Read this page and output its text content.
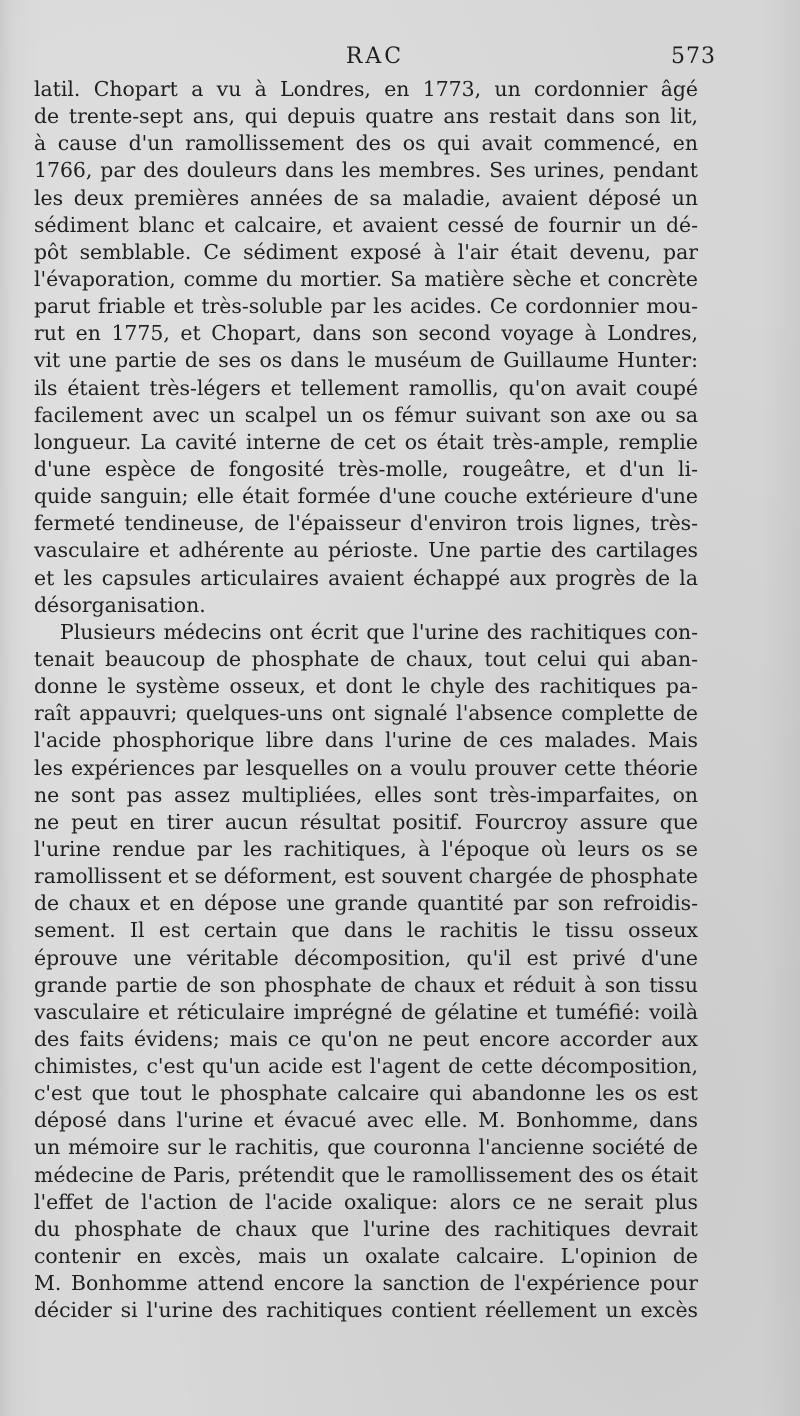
RAC	573
latil. Chopart a vu à Londres, en 1773, un cordonnier âgé
de trente-sept ans, qui depuis quatre ans restait dans son lit,
à cause d'un ramollissement des os qui avait commencé, en
1766, par des douleurs dans les membres. Ses urines, pendant
les deux premières années de sa maladie, avaient déposé un
sédiment blanc et calcaire, et avaient cessé de fournir un dé-
pôt semblable. Ce sédiment exposé à l'air était devenu, par
l'évaporation, comme du mortier. Sa matière sèche et concrète
parut friable et très-soluble par les acides. Ce cordonnier mou-
rut en 1775, et Chopart, dans son second voyage à Londres,
vit une partie de ses os dans le muséum de Guillaume Hunter:
ils étaient très-légers et tellement ramollis, qu'on avait coupé
facilement avec un scalpel un os fémur suivant son axe ou sa
longueur. La cavité interne de cet os était très-ample, remplie
d'une espèce de fongosité très-molle, rougeâtre, et d'un li-
quide sanguin; elle était formée d'une couche extérieure d'une
fermeté tendineuse, de l'épaisseur d'environ trois lignes, très-
vasculaire et adhérente au périoste. Une partie des cartilages
et les capsules articulaires avaient échappé aux progrès de la
désorganisation.
Plusieurs médecins ont écrit que l'urine des rachitiques con-
tenait beaucoup de phosphate de chaux, tout celui qui aban-
donne le système osseux, et dont le chyle des rachitiques pa-
raît appauvri; quelques-uns ont signalé l'absence complette de
l'acide phosphorique libre dans l'urine de ces malades. Mais
les expériences par lesquelles on a voulu prouver cette théorie
ne sont pas assez multipliées, elles sont très-imparfaites, on
ne peut en tirer aucun résultat positif. Fourcroy assure que
l'urine rendue par les rachitiques, à l'époque où leurs os se
ramollissent et se déforment, est souvent chargée de phosphate
de chaux et en dépose une grande quantité par son refroidis-
sement. Il est certain que dans le rachitis le tissu osseux
éprouve une véritable décomposition, qu'il est privé d'une
grande partie de son phosphate de chaux et réduit à son tissu
vasculaire et réticulaire imprégné de gélatine et tuméfié: voilà
des faits évidens; mais ce qu'on ne peut encore accorder aux
chimistes, c'est qu'un acide est l'agent de cette décomposition,
c'est que tout le phosphate calcaire qui abandonne les os est
déposé dans l'urine et évacué avec elle. M. Bonhomme, dans
un mémoire sur le rachitis, que couronna l'ancienne société de
médecine de Paris, prétendit que le ramollissement des os était
l'effet de l'action de l'acide oxalique: alors ce ne serait plus
du phosphate de chaux que l'urine des rachitiques devrait
contenir en excès, mais un oxalate calcaire. L'opinion de
M. Bonhomme attend encore la sanction de l'expérience pour
décider si l'urine des rachitiques contient réellement un excès
